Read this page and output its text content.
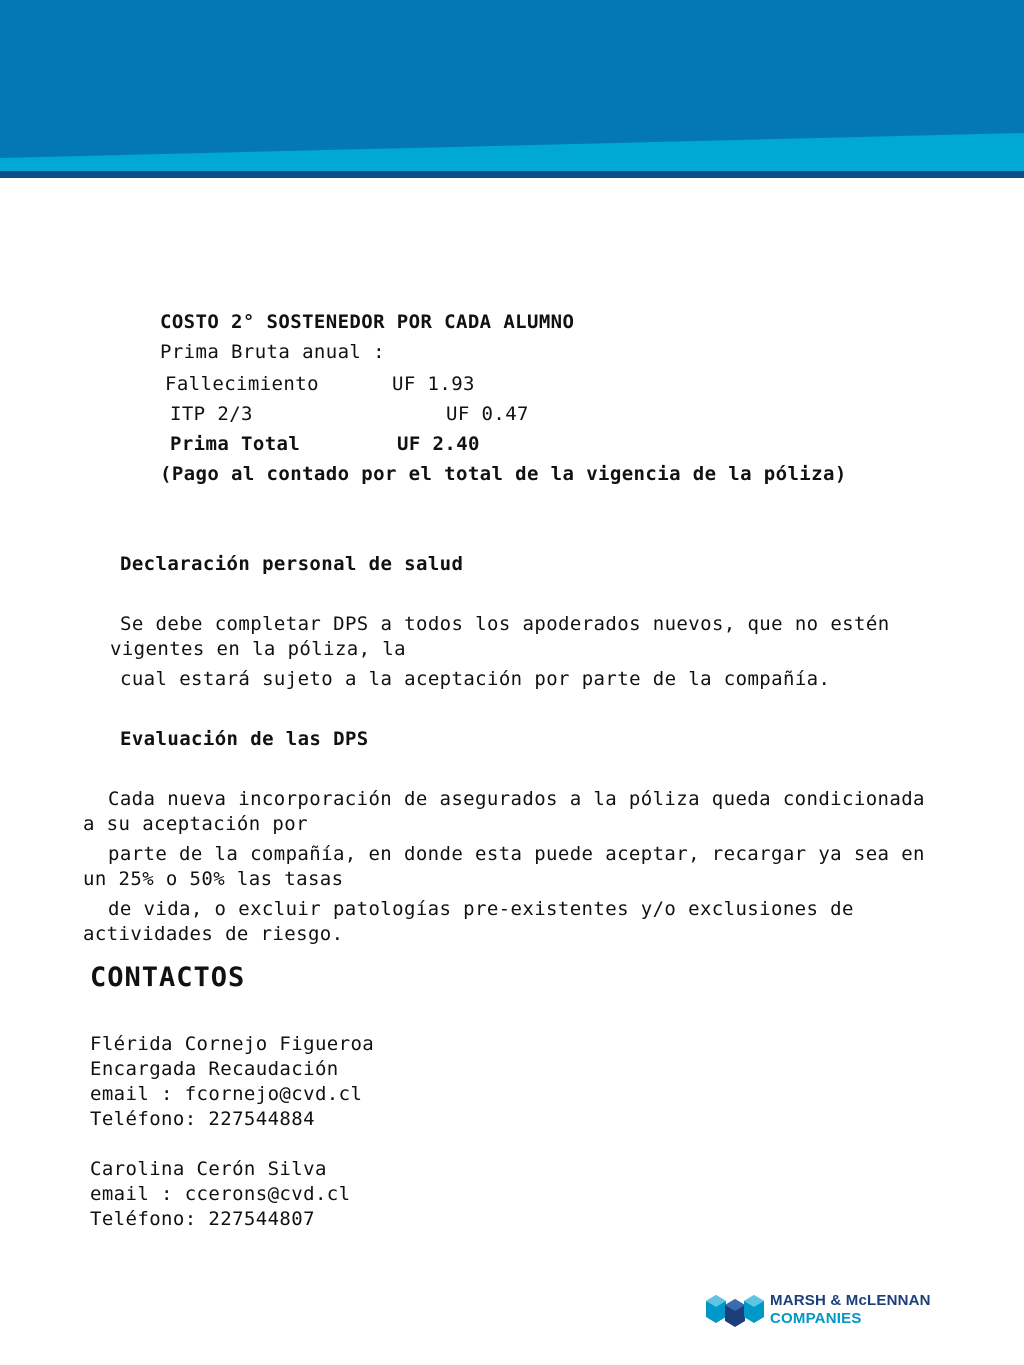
COSTO 2° SOSTENEDOR POR CADA ALUMNO
Prima Bruta anual :
Fallecimiento	UF 1.93
ITP 2/3	UF 0.47
Prima Total	UF 2.40
(Pago al contado por el total de la vigencia de la póliza)
Declaración personal de salud
Se debe completar DPS a todos los apoderados nuevos, que no estén
vigentes en la póliza, la
cual estará sujeto a la aceptación por parte de la compañía.
Evaluación de las DPS
Cada nueva incorporación de asegurados a la póliza queda condicionada
a su aceptación por
parte de la compañía, en donde esta puede aceptar, recargar ya sea en
un 25% o 50% las tasas
de vida, o excluir patologías pre-existentes y/o exclusiones de
actividades de riesgo.
CONTACTOS
Flérida Cornejo Figueroa
Encargada Recaudación
email : fcornejo@cvd.cl
Teléfono: 227544884
Carolina Cerón Silva
email : ccerons@cvd.cl
Teléfono: 227544807
MARSH & McLENNAN
COMPANIES
